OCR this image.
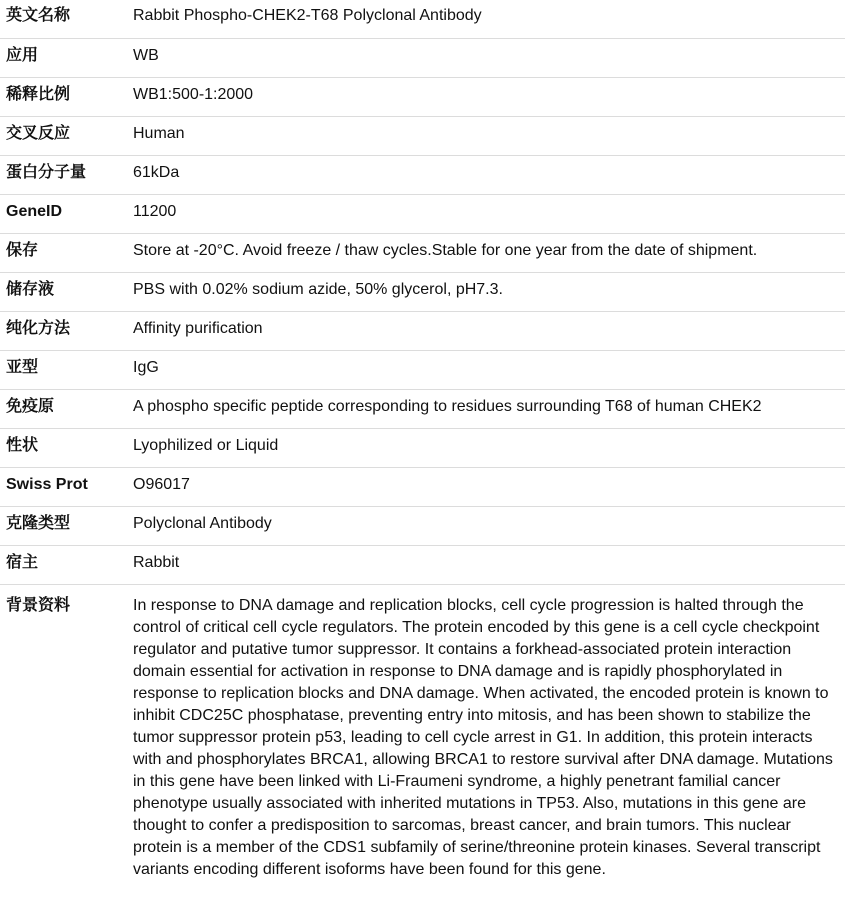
英文名称	Rabbit Phospho-CHEK2-T68 Polyclonal Antibody
应用	WB
稀释比例	WB1:500-1:2000
交叉反应	Human
蛋白分子量	61kDa
GeneID	11200
保存	Store at -20°C. Avoid freeze / thaw cycles.Stable for one year from the date of shipment.
储存液	PBS with 0.02% sodium azide, 50% glycerol, pH7.3.
纯化方法	Affinity purification
亚型	IgG
免疫原	A phospho specific peptide corresponding to residues surrounding T68 of human CHEK2
性状	Lyophilized or Liquid
Swiss Prot	O96017
克隆类型	Polyclonal Antibody
宿主	Rabbit
背景资料	In response to DNA damage and replication blocks, cell cycle progression is halted through the control of critical cell cycle regulators. The protein encoded by this gene is a cell cycle checkpoint regulator and putative tumor suppressor. It contains a forkhead-associated protein interaction domain essential for activation in response to DNA damage and is rapidly phosphorylated in response to replication blocks and DNA damage. When activated, the encoded protein is known to inhibit CDC25C phosphatase, preventing entry into mitosis, and has been shown to stabilize the tumor suppressor protein p53, leading to cell cycle arrest in G1. In addition, this protein interacts with and phosphorylates BRCA1, allowing BRCA1 to restore survival after DNA damage. Mutations in this gene have been linked with Li-Fraumeni syndrome, a highly penetrant familial cancer phenotype usually associated with inherited mutations in TP53. Also, mutations in this gene are thought to confer a predisposition to sarcomas, breast cancer, and brain tumors. This nuclear protein is a member of the CDS1 subfamily of serine/threonine protein kinases. Several transcript variants encoding different isoforms have been found for this gene.
